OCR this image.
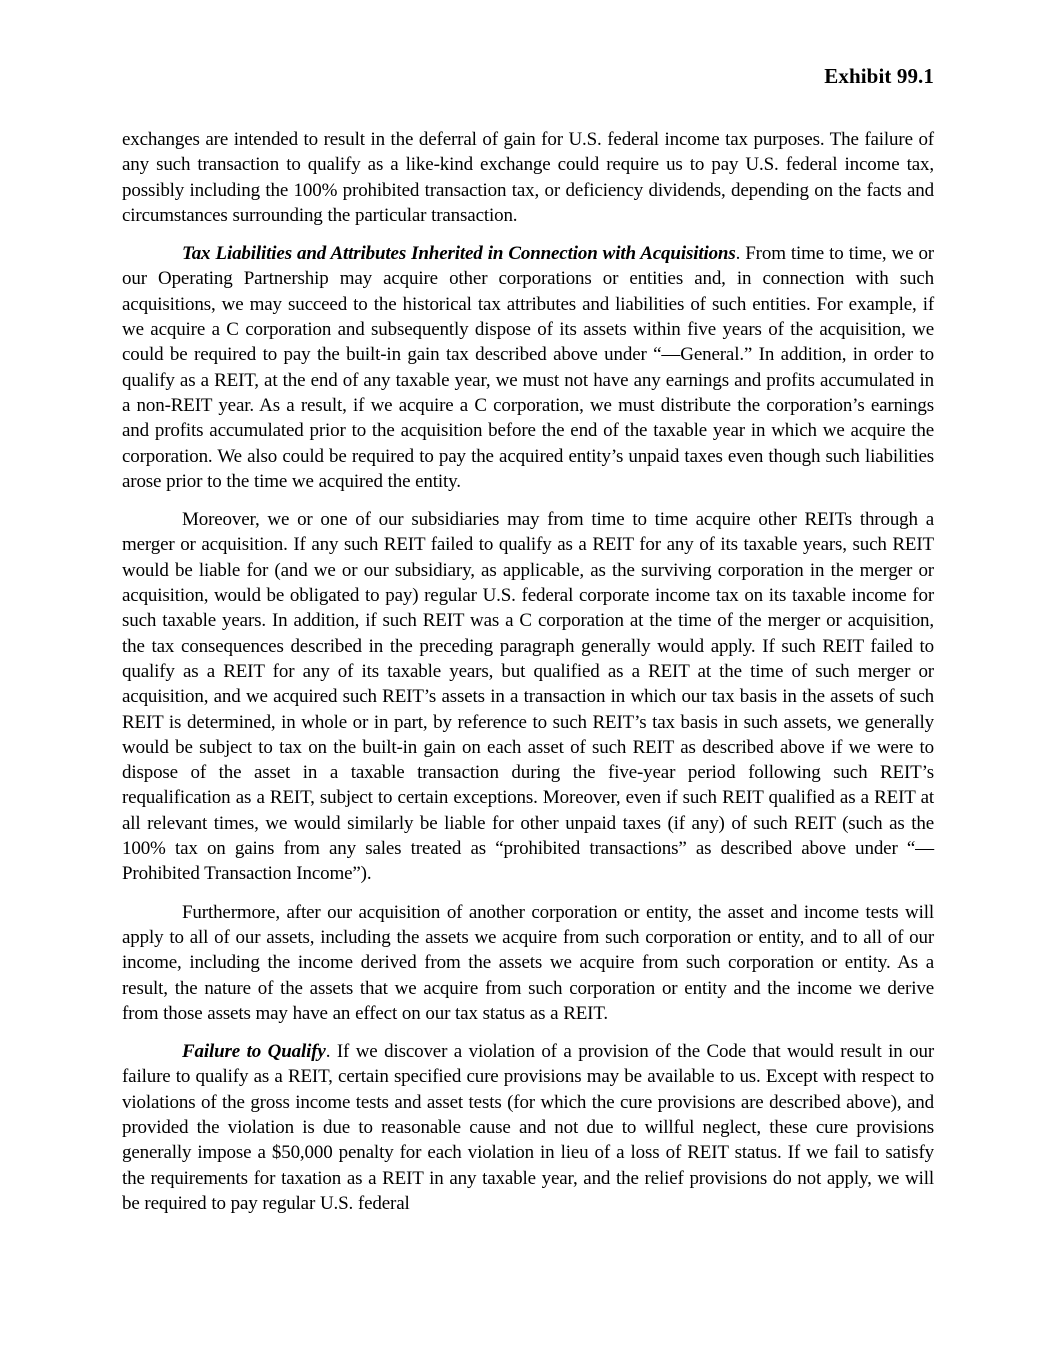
Exhibit 99.1

exchanges are intended to result in the deferral of gain for U.S. federal income tax purposes. The failure of any such transaction to qualify as a like-kind exchange could require us to pay U.S. federal income tax, possibly including the 100% prohibited transaction tax, or deficiency dividends, depending on the facts and circumstances surrounding the particular transaction.

Tax Liabilities and Attributes Inherited in Connection with Acquisitions. From time to time, we or our Operating Partnership may acquire other corporations or entities and, in connection with such acquisitions, we may succeed to the historical tax attributes and liabilities of such entities. For example, if we acquire a C corporation and subsequently dispose of its assets within five years of the acquisition, we could be required to pay the built-in gain tax described above under “—General.” In addition, in order to qualify as a REIT, at the end of any taxable year, we must not have any earnings and profits accumulated in a non-REIT year. As a result, if we acquire a C corporation, we must distribute the corporation’s earnings and profits accumulated prior to the acquisition before the end of the taxable year in which we acquire the corporation. We also could be required to pay the acquired entity’s unpaid taxes even though such liabilities arose prior to the time we acquired the entity.

Moreover, we or one of our subsidiaries may from time to time acquire other REITs through a merger or acquisition. If any such REIT failed to qualify as a REIT for any of its taxable years, such REIT would be liable for (and we or our subsidiary, as applicable, as the surviving corporation in the merger or acquisition, would be obligated to pay) regular U.S. federal corporate income tax on its taxable income for such taxable years. In addition, if such REIT was a C corporation at the time of the merger or acquisition, the tax consequences described in the preceding paragraph generally would apply. If such REIT failed to qualify as a REIT for any of its taxable years, but qualified as a REIT at the time of such merger or acquisition, and we acquired such REIT’s assets in a transaction in which our tax basis in the assets of such REIT is determined, in whole or in part, by reference to such REIT’s tax basis in such assets, we generally would be subject to tax on the built-in gain on each asset of such REIT as described above if we were to dispose of the asset in a taxable transaction during the five-year period following such REIT’s requalification as a REIT, subject to certain exceptions. Moreover, even if such REIT qualified as a REIT at all relevant times, we would similarly be liable for other unpaid taxes (if any) of such REIT (such as the 100% tax on gains from any sales treated as “prohibited transactions” as described above under “—Prohibited Transaction Income”).

Furthermore, after our acquisition of another corporation or entity, the asset and income tests will apply to all of our assets, including the assets we acquire from such corporation or entity, and to all of our income, including the income derived from the assets we acquire from such corporation or entity. As a result, the nature of the assets that we acquire from such corporation or entity and the income we derive from those assets may have an effect on our tax status as a REIT.

Failure to Qualify. If we discover a violation of a provision of the Code that would result in our failure to qualify as a REIT, certain specified cure provisions may be available to us. Except with respect to violations of the gross income tests and asset tests (for which the cure provisions are described above), and provided the violation is due to reasonable cause and not due to willful neglect, these cure provisions generally impose a $50,000 penalty for each violation in lieu of a loss of REIT status. If we fail to satisfy the requirements for taxation as a REIT in any taxable year, and the relief provisions do not apply, we will be required to pay regular U.S. federal
